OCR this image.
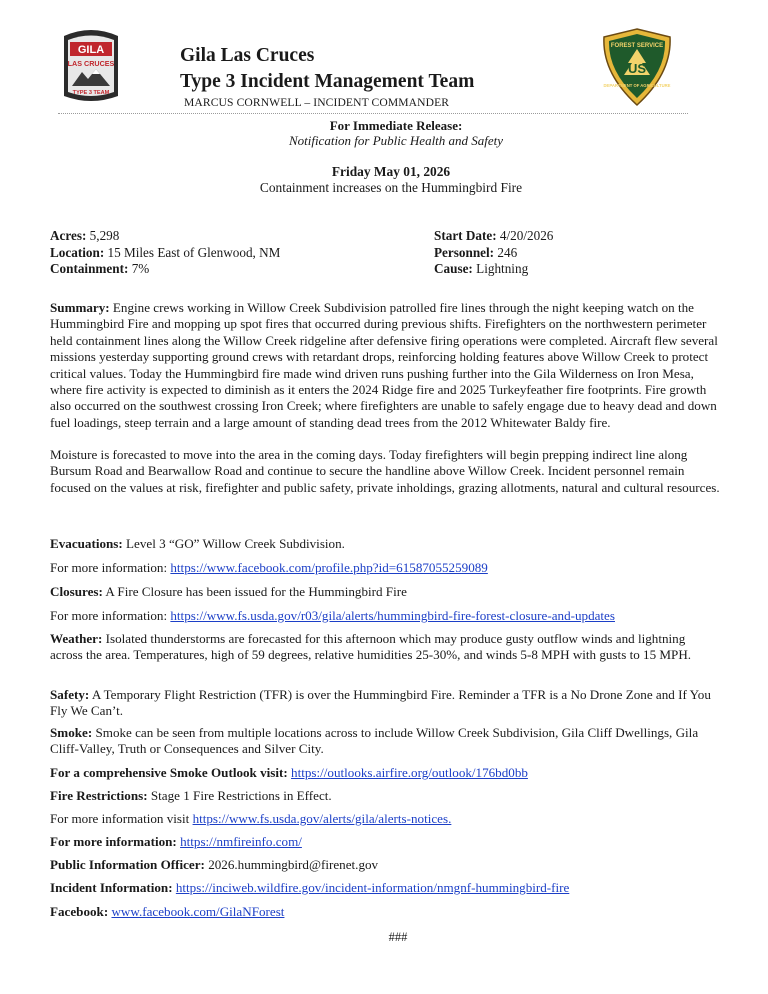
GILA
LAS CRUCES
TYPE 3 TEAM
Gila Las Cruces
Type 3 Incident Management Team
MARCUS CORNWELL – INCIDENT COMMANDER
FOREST SERVICE
US
DEPARTMENT OF AGRICULTURE
For Immediate Release:
Notification for Public Health and Safety
Friday May 01, 2026
Containment increases on the Hummingbird Fire
Acres: 5,298	Start Date: 4/20/2026
Location: 15 Miles East of Glenwood, NM	Personnel: 246
Containment: 7%	Cause: Lightning
Summary: Engine crews working in Willow Creek Subdivision patrolled fire lines through the night keeping watch on the Hummingbird Fire and mopping up spot fires that occurred during previous shifts. Firefighters on the northwestern perimeter held containment lines along the Willow Creek ridgeline after defensive firing operations were completed. Aircraft flew several missions yesterday supporting ground crews with retardant drops, reinforcing holding features above Willow Creek to protect critical values. Today the Hummingbird fire made wind driven runs pushing further into the Gila Wilderness on Iron Mesa, where fire activity is expected to diminish as it enters the 2024 Ridge fire and 2025 Turkeyfeather fire footprints. Fire growth also occurred on the southwest crossing Iron Creek; where firefighters are unable to safely engage due to heavy dead and down fuel loadings, steep terrain and a large amount of standing dead trees from the 2012 Whitewater Baldy fire.
Moisture is forecasted to move into the area in the coming days. Today firefighters will begin prepping indirect line along Bursum Road and Bearwallow Road and continue to secure the handline above Willow Creek. Incident personnel remain focused on the values at risk, firefighter and public safety, private inholdings, grazing allotments, natural and cultural resources.
Evacuations: Level 3 “GO” Willow Creek Subdivision.
For more information: https://www.facebook.com/profile.php?id=61587055259089
Closures: A Fire Closure has been issued for the Hummingbird Fire
For more information: https://www.fs.usda.gov/r03/gila/alerts/hummingbird-fire-forest-closure-and-updates
Weather: Isolated thunderstorms are forecasted for this afternoon which may produce gusty outflow winds and lightning across the area. Temperatures, high of 59 degrees, relative humidities 25-30%, and winds 5-8 MPH with gusts to 15 MPH.
Safety: A Temporary Flight Restriction (TFR) is over the Hummingbird Fire. Reminder a TFR is a No Drone Zone and If You Fly We Can’t.
Smoke: Smoke can be seen from multiple locations across to include Willow Creek Subdivision, Gila Cliff Dwellings, Gila Cliff-Valley, Truth or Consequences and Silver City.
For a comprehensive Smoke Outlook visit: https://outlooks.airfire.org/outlook/176bd0bb
Fire Restrictions: Stage 1 Fire Restrictions in Effect.
For more information visit https://www.fs.usda.gov/alerts/gila/alerts-notices.
For more information: https://nmfireinfo.com/
Public Information Officer: 2026.hummingbird@firenet.gov
Incident Information: https://inciweb.wildfire.gov/incident-information/nmgnf-hummingbird-fire
Facebook: www.facebook.com/GilaNForest
###
